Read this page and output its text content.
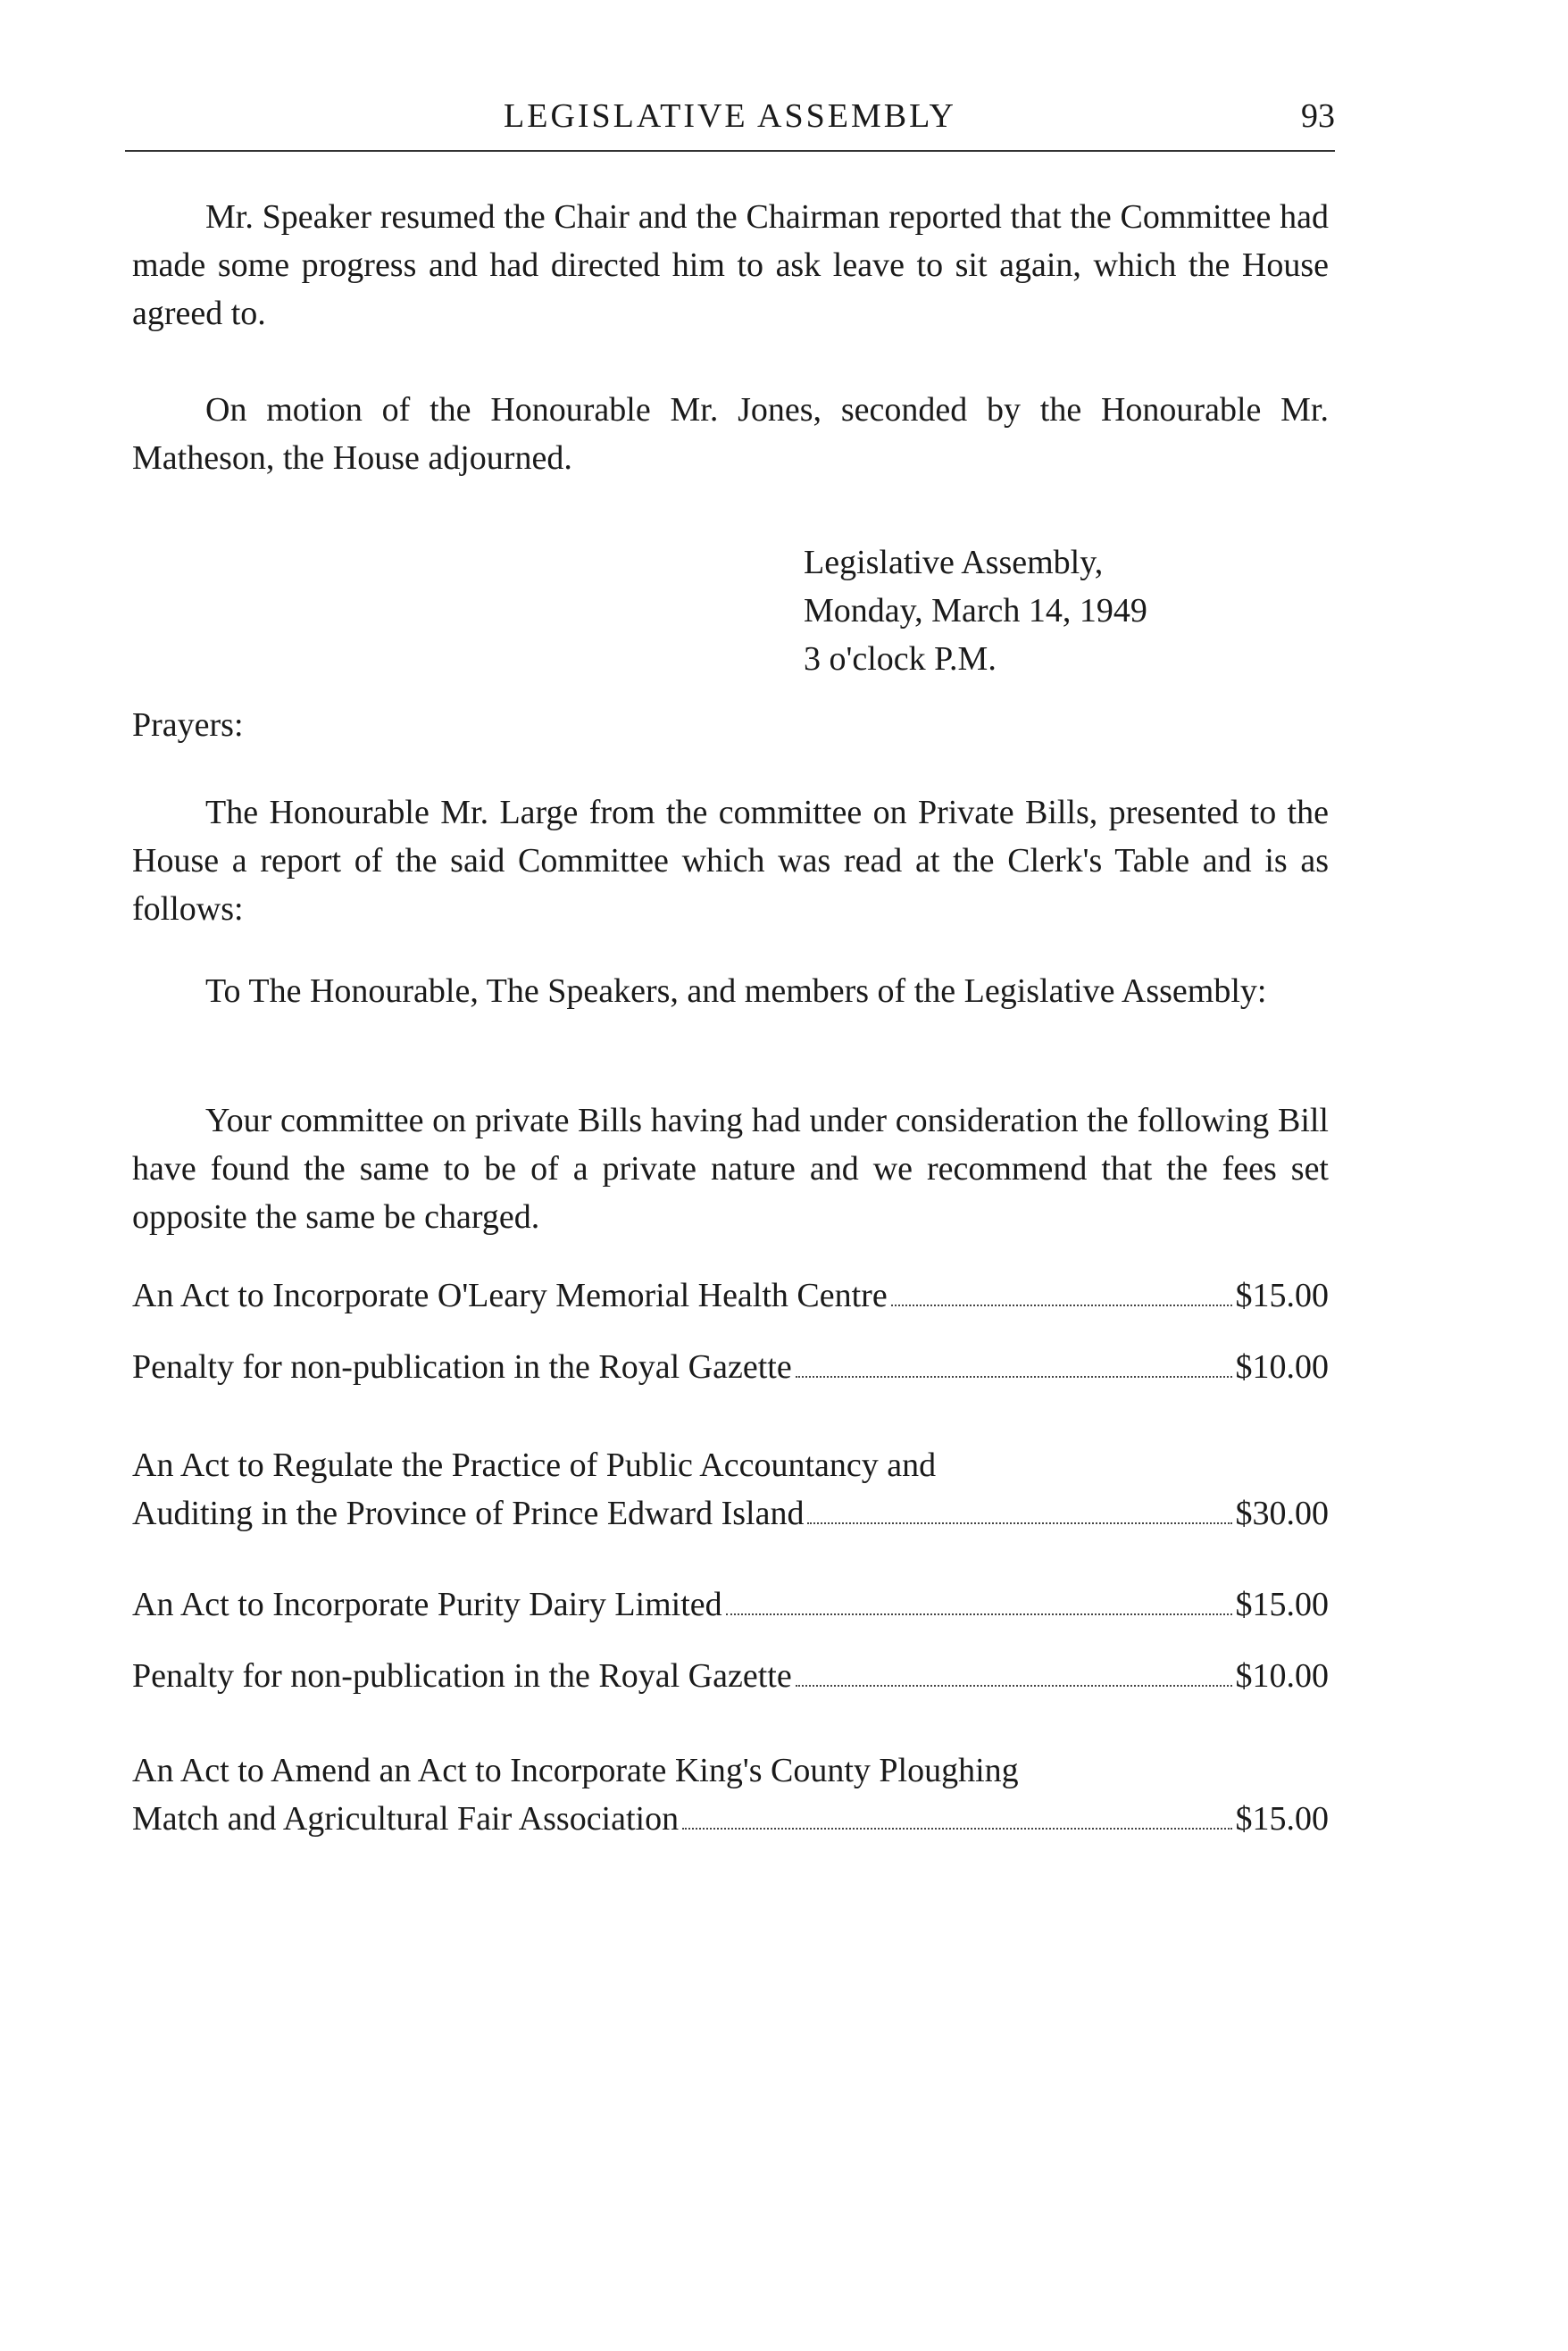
LEGISLATIVE ASSEMBLY	93

Mr. Speaker resumed the Chair and the Chairman reported that the Committee had made some progress and had directed him to ask leave to sit again, which the House agreed to.

On motion of the Honourable Mr. Jones, seconded by the Honourable Mr. Matheson, the House adjourned.

Legislative Assembly,
Monday, March 14, 1949
3 o'clock P.M.
Prayers:

The Honourable Mr. Large from the committee on Private Bills, presented to the House a report of the said Committee which was read at the Clerk's Table and is as follows:

To The Honourable, The Speakers, and members of the Legislative Assembly:

Your committee on private Bills having had under consideration the following Bill have found the same to be of a private nature and we recommend that the fees set opposite the same be charged.

An Act to Incorporate O'Leary Memorial Health Centre	$15.00
Penalty for non-publication in the Royal Gazette	$10.00
An Act to Regulate the Practice of Public Accountancy and
Auditing in the Province of Prince Edward Island	$30.00
An Act to Incorporate Purity Dairy Limited	$15.00
Penalty for non-publication in the Royal Gazette	$10.00
An Act to Amend an Act to Incorporate King's County Ploughing
Match and Agricultural Fair Association	$15.00
